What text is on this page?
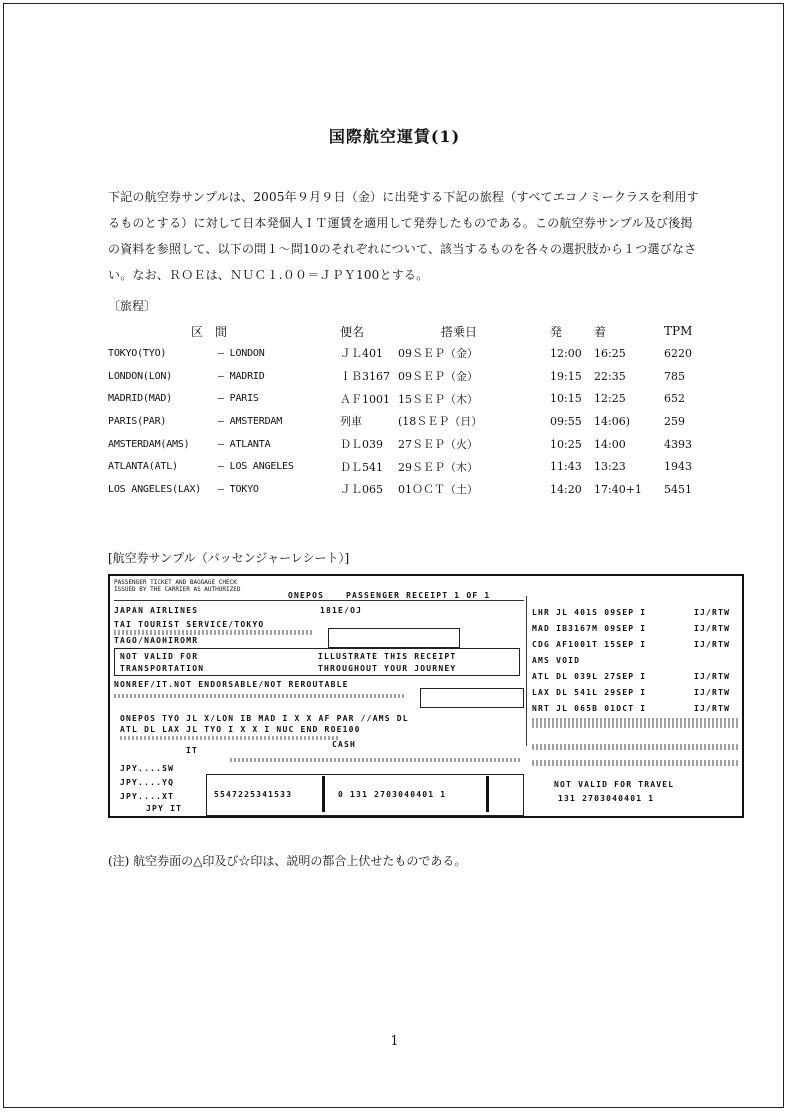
国際航空運賃(1)

下記の航空券サンプルは、2005年９月９日（金）に出発する下記の旅程（すべてエコノミークラスを利用す

るものとする）に対して日本発個人ＩＴ運賃を適用して発券したものである。この航空券サンプル及び後掲

の資料を参照して、以下の問１～問10のそれぞれについて、該当するものを各々の選択肢から１つ選びなさ

い。なお、ＲＯＥは、ＮＵＣ１.００＝ＪＰＹ100とする。

〔旅程〕
区　間		便名	搭乗日	発	着	TPM
TOKYO(TYO)	— LONDON	ＪＬ401	09ＳＥＰ（金）	12:00	16:25	6220
LONDON(LON)	— MADRID	ＩＢ3167	09ＳＥＰ（金）	19:15	22:35	785
MADRID(MAD)	— PARIS	ＡＦ1001	15ＳＥＰ（木）	10:15	12:25	652
PARIS(PAR)	— AMSTERDAM	列車	(18ＳＥＰ（日）	09:55	14:06)	259
AMSTERDAM(AMS)	— ATLANTA	ＤＬ039	27ＳＥＰ（火）	10:25	14:00	4393
ATLANTA(ATL)	— LOS ANGELES	ＤＬ541	29ＳＥＰ（木）	11:43	13:23	1943
LOS ANGELES(LAX)	— TOKYO	ＪＬ065	01ＯＣＴ（土）	14:20	17:40+1	5451
[航空券サンプル（パッセンジャーレシート）]
PASSENGER TICKET AND BAGGAGE CHECK
ISSUED BY THE CARRIER AS AUTHORIZED
ONEPOS	PASSENGER RECEIPT 1 OF 1
JAPAN AIRLINES	181E/OJ
TAI TOURIST SERVICE/TOKYO
TAGO/NAOHIROMR
NOT VALID FOR	ILLUSTRATE THIS RECEIPT
TRANSPORTATION	THROUGHOUT YOUR JOURNEY
NONREF/IT.NOT ENDORSABLE/NOT REROUTABLE
ONEPOS TYO JL X/LON IB MAD I X X AF PAR //AMS DL
ATL DL LAX JL TYO I X X I NUC END ROE100
IT
CASH
JPY....SW
JPY....YQ
JPY....XT
JPY IT
5547225341533	0 131 2703040401 1
LHR JL 401S 09SEP I	IJ/RTW
MAD IB3167M 09SEP I	IJ/RTW
CDG AF1001T 15SEP I	IJ/RTW
AMS VOID
ATL DL 039L 27SEP I	IJ/RTW
LAX DL 541L 29SEP I	IJ/RTW
NRT JL 065B 01OCT I	IJ/RTW
NOT VALID FOR TRAVEL
131 2703040401 1
(注) 航空券面の△印及び☆印は、説明の都合上伏せたものである。
1
